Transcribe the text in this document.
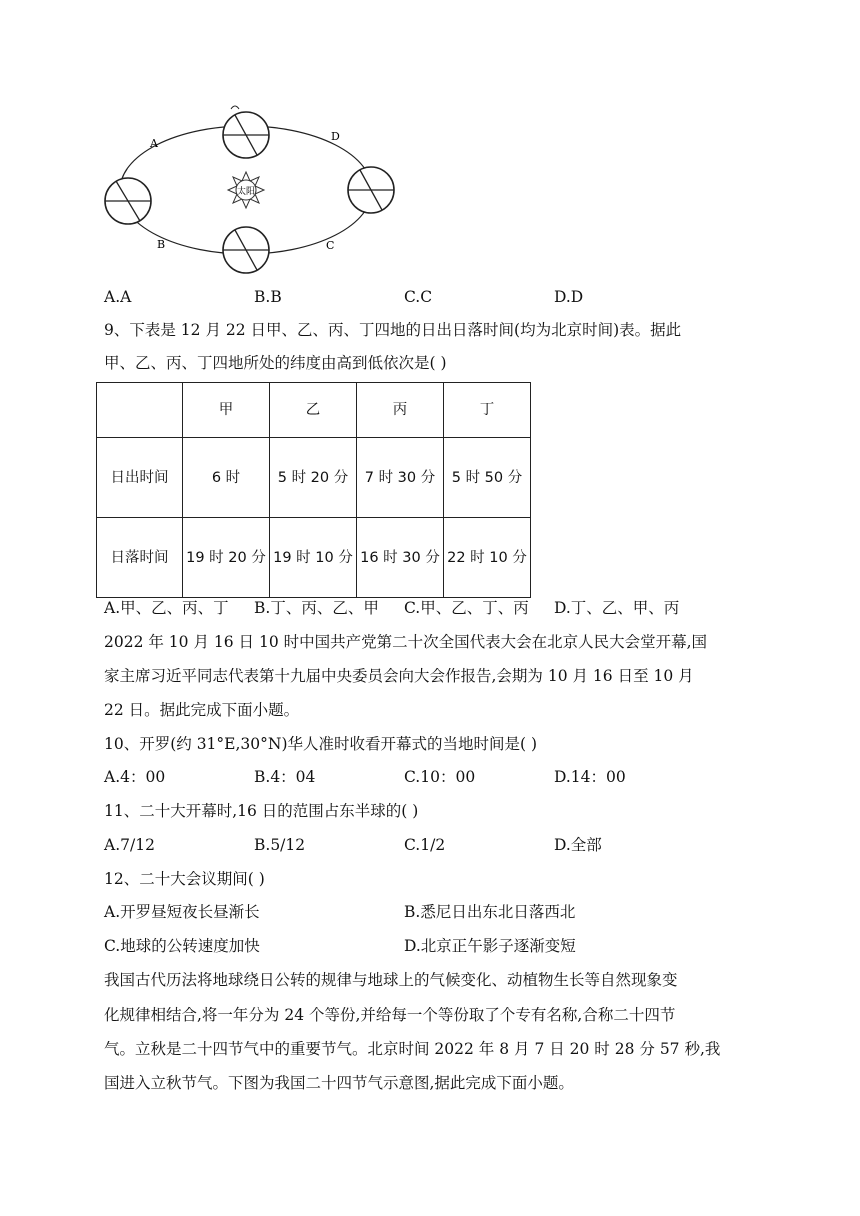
太阳
A
B	C
D
A.A	B.B	C.C	D.D
9、下表是 12 月 22 日甲、乙、丙、丁四地的日出日落时间(均为北京时间)表。据此
甲、乙、丙、丁四地所处的纬度由高到低依次是( )
	甲	乙	丙	丁
日出时间	6 时	5 时 20 分	7 时 30 分	5 时 50 分
日落时间	19 时 20 分	19 时 10 分	16 时 30 分	22 时 10 分
A.甲、乙、丙、丁 B.丁、丙、乙、甲 C.甲、乙、丁、丙 D.丁、乙、甲、丙
2022 年 10 月 16 日 10 时中国共产党第二十次全国代表大会在北京人民大会堂开幕,国
家主席习近平同志代表第十九届中央委员会向大会作报告,会期为 10 月 16 日至 10 月
22 日。据此完成下面小题。
10、开罗(约 31°E,30°N)华人准时收看开幕式的当地时间是( )
A.4：00	B.4：04	C.10：00	D.14：00
11、二十大开幕时,16 日的范围占东半球的( )
A.7/12	B.5/12	C.1/2	D.全部
12、二十大会议期间( )
A.开罗昼短夜长昼渐长	B.悉尼日出东北日落西北
C.地球的公转速度加快	D.北京正午影子逐渐变短
我国古代历法将地球绕日公转的规律与地球上的气候变化、动植物生长等自然现象变
化规律相结合,将一年分为 24 个等份,并给每一个等份取了个专有名称,合称二十四节
气。立秋是二十四节气中的重要节气。北京时间 2022 年 8 月 7 日 20 时 28 分 57 秒,我
国进入立秋节气。下图为我国二十四节气示意图,据此完成下面小题。
